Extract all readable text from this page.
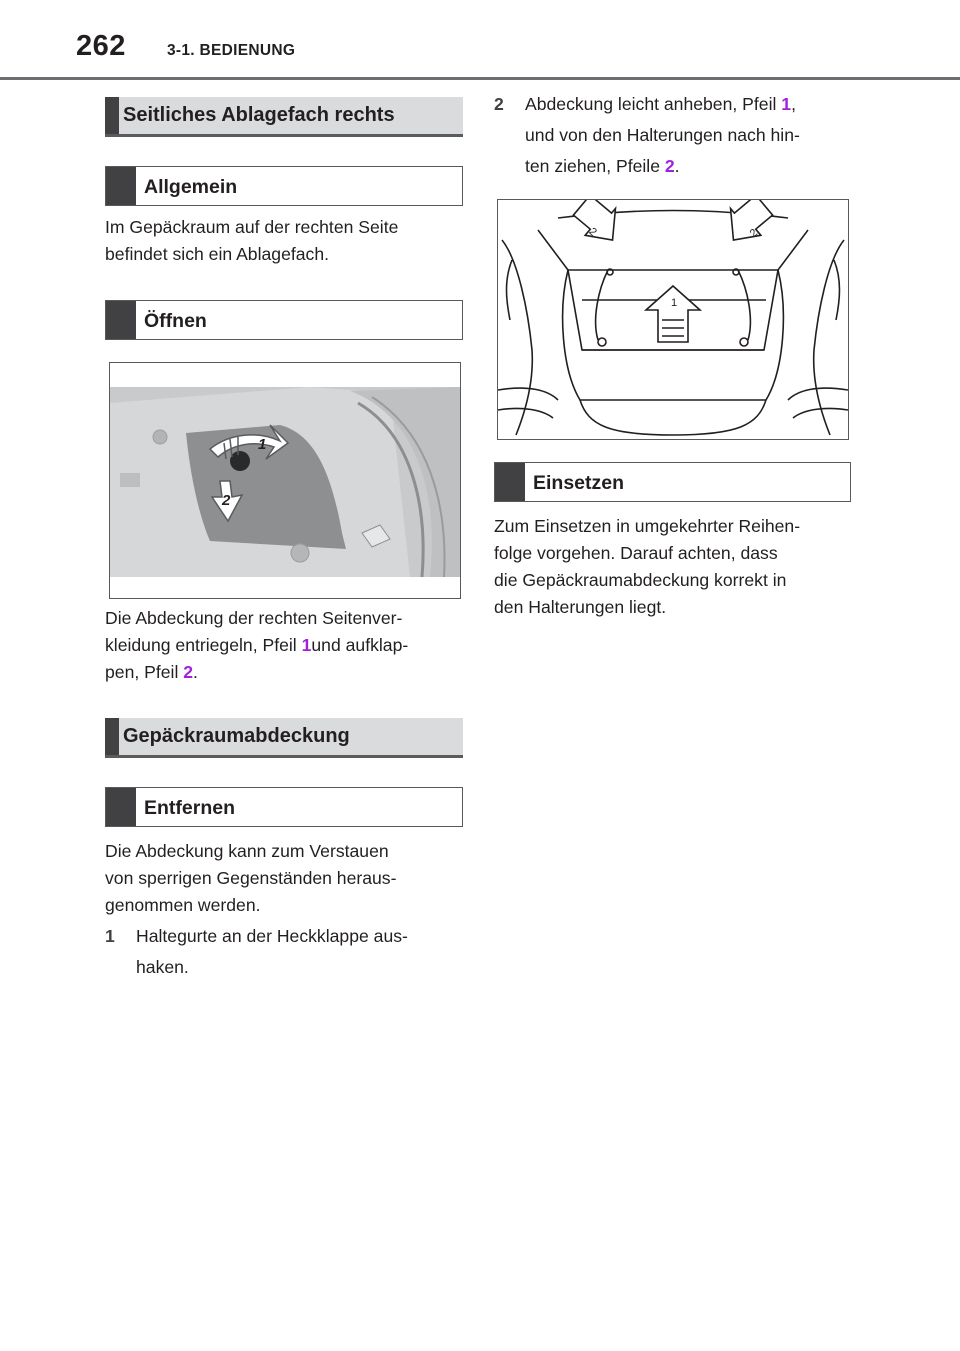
262	3-1. BEDIENUNG
Seitliches Ablagefach rechts
Allgemein

Im Gepäckraum auf der rechten Seite
befindet sich ein Ablagefach.

Öffnen
1
2

Die Abdeckung der rechten Seitenver-
kleidung entriegeln, Pfeil 1und aufklap-
pen, Pfeil 2.

Gepäckraumabdeckung
Entfernen

Die Abdeckung kann zum Verstauen
von sperrigen Gegenständen heraus-
genommen werden.

1 Haltegurte an der Heckklappe aus-
haken.
2 Abdeckung leicht anheben, Pfeil 1,
und von den Halterungen nach hin-
ten ziehen, Pfeile 2.
1
2	2
Einsetzen

Zum Einsetzen in umgekehrter Reihen-
folge vorgehen. Darauf achten, dass
die Gepäckraumabdeckung korrekt in
den Halterungen liegt.
